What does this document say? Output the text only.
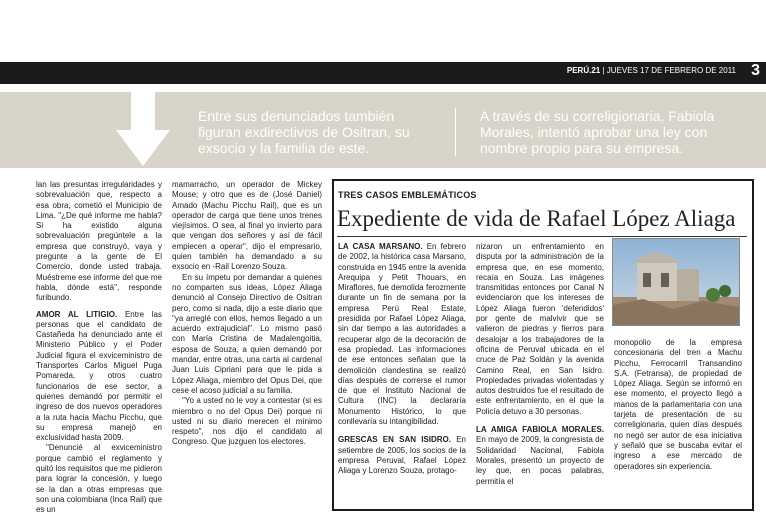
PERÚ.21 | JUEVES 17 DE FEBRERO DE 2011 3
Entre sus denunciados también figuran exdirectivos de Ositran, su exsocio y la familia de este.
A través de su correligionaria, Fabiola Morales, intentó aprobar una ley con nombre propio para su empresa.

lan las presuntas irregularidades y sobrevaluación que, respecto a esa obra, cometió el Municipio de Lima. "¿De qué informe me habla? Si ha existido alguna sobrevaluación pregúntele a la empresa que construyó, vaya y pregunte a la gente de El Comercio, donde usted trabaja. Muéstreme ese informe del que me habla, dónde está", responde furibundo.

AMOR AL LITIGIO. Entre las personas que el candidato de Castañeda ha denunciado ante el Ministerio Público y el Poder Judicial figura el exviceministro de Transportes Carlos Miguel Puga Pomareda, y otros cuatro funcionarios de ese sector, a quienes demandó por permitir el ingreso de dos nuevos operadores a la ruta hacia Machu Picchu, que su empresa manejó en exclusividad hasta 2009.

"Denuncié al exviceministro porque cambió el reglamento y quitó los requisitos que me pidieron para lograr la concesión, y luego se la dan a otras empresas que son una colombiana (Inca Rail) que es un

mamarracho, un operador de Mickey Mouse; y otro que es de (José Daniel) Amado (Machu Picchu Rail), que es un operador de carga que tiene unos trenes viejísimos. O sea, al final yo invierto para que vengan dos señores y así de fácil empiecen a operar", dijo el empresario, quien también ha demandado a su exsocio en -Rail Lorenzo Souza.

En su ímpetu por demandar a quienes no comparten sus ideas, López Aliaga denunció al Consejo Directivo de Ositran pero, como si nada, dijo a este diario que "ya arreglé con ellos, hemos llegado a un acuerdo extrajudicial". Lo mismo pasó con María Cristina de Madalengoitia, esposa de Souza, a quien demandó por mandar, entre otras, una carta al cardenal Juan Luis Cipriani para que le pida a López Aliaga, miembro del Opus Dei, que cese el acoso judicial a su familia.

"Yo a usted no le voy a contestar (si es miembro o no del Opus Dei) porque ni usted ni su diario merecen el mínimo respeto", nos dijo el candidato al Congreso. Que juzguen los electores.

TRES CASOS EMBLEMÁTICOS
Expediente de vida de Rafael López Aliaga

LA CASA MARSANO. En febrero de 2002, la histórica casa Marsano, construida en 1945 entre la avenida Arequipa y Petit Thouars, en Miraflores, fue demolida ferozmente durante un fin de semana por la empresa Perú Real Estate, presidida por Rafael López Aliaga, sin dar tiempo a las autoridades a recuperar algo de la decoración de esa propiedad. Las informaciones de ese entonces señalan que la demolición clandestina se realizó días después de correrse el rumor de que el Instituto Nacional de Cultura (INC) la declararía Monumento Histórico, lo que conllevaría su intangibilidad.

GRESCAS EN SAN ISIDRO. En setiembre de 2005, los socios de la empresa Peruval, Rafael López Aliaga y Lorenzo Souza, protago-

nizaron un enfrentamiento en disputa por la administración de la empresa que, en ese momento, recaía en Souza. Las imágenes transmitidas entonces por Canal N evidenciaron que los intereses de López Aliaga fueron 'defendidos' por gente de malvivir que se valieron de piedras y fierros para desalojar a los trabajadores de la oficina de Peruval ubicada en el cruce de Paz Soldán y la avenida Camino Real, en San Isidro. Propiedades privadas violentadas y autos destruidos fue el resultado de este enfrentamiento, en el que la Policía detuvo a 30 personas.

LA AMIGA FABIOLA MORALES. En mayo de 2009, la congresista de Solidaridad Nacional, Fabiola Morales, presentó un proyecto de ley que, en pocas palabras, permitía el

monopolio de la empresa concesionaria del tren a Machu Picchu, Ferrocarril Transandino S.A. (Fetransa), de propiedad de López Aliaga. Según se informó en ese momento, el proyecto llegó a manos de la parlamentaria con una tarjeta de presentación de su correligionaria, quien días después no negó ser autor de esa iniciativa y señaló que se buscaba evitar el ingreso a ese mercado de operadores sin experiencia.
